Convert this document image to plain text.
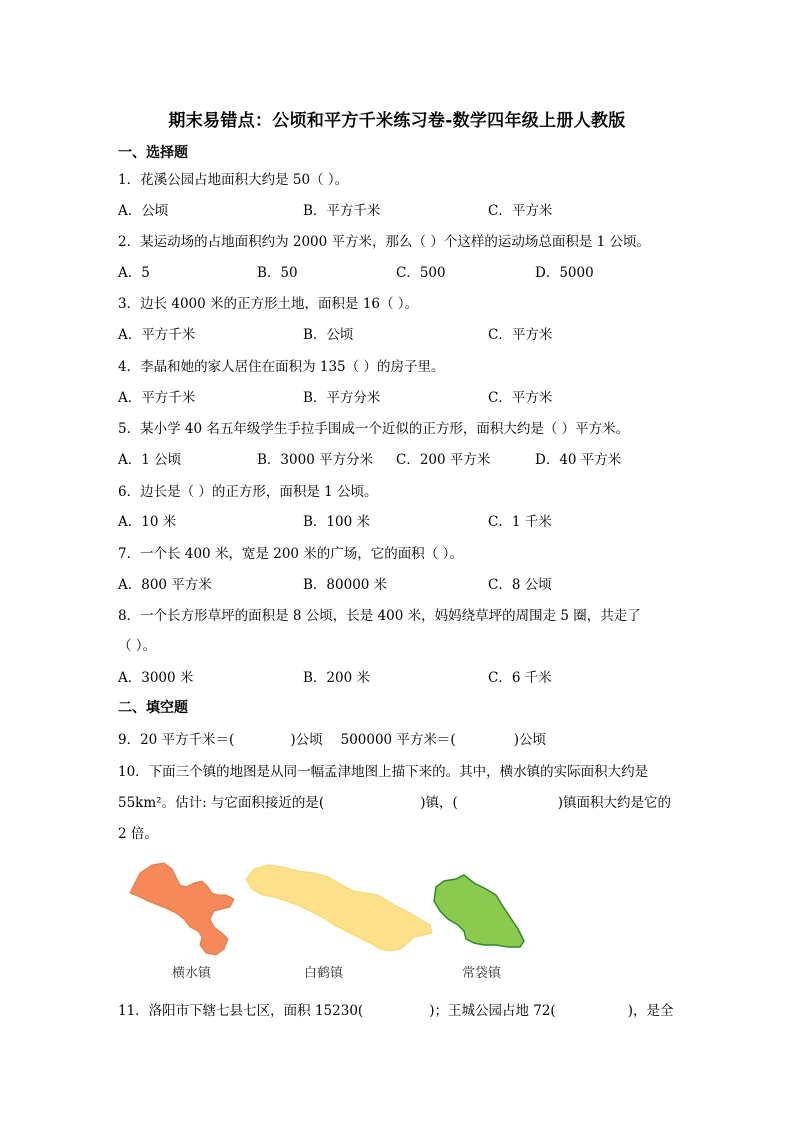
期末易错点：公顷和平方千米练习卷-数学四年级上册人教版
一、选择题
1．花溪公园占地面积大约是 50（ ）。
A．公顷	B．平方千米	C．平方米
2．某运动场的占地面积约为 2000 平方米，那么（ ）个这样的运动场总面积是 1 公顷。
A．5	B．50	C．500	D．5000
3．边长 4000 米的正方形土地，面积是 16（ ）。
A．平方千米	B．公顷	C．平方米
4．李晶和她的家人居住在面积为 135（ ）的房子里。
A．平方千米	B．平方分米	C．平方米
5．某小学 40 名五年级学生手拉手围成一个近似的正方形，面积大约是（ ）平方米。
A．1 公顷	B．3000 平方分米 C．200 平方米	D．40 平方米
6．边长是（ ）的正方形，面积是 1 公顷。
A．10 米	B．100 米	C．1 千米
7．一个长 400 米，宽是 200 米的广场，它的面积（ ）。
A．800 平方米	B．80000 米	C．8 公顷
8．一个长方形草坪的面积是 8 公顷，长是 400 米，妈妈绕草坪的周围走 5 圈，共走了
（ ）。
A．3000 米	B．200 米	C．6 千米
二、填空题
9．20 平方千米＝(	)公顷 500000 平方米＝(	)公顷
10．下面三个镇的地图是从同一幅孟津地图上描下来的。其中，横水镇的实际面积大约是
55km²。估计: 与它面积接近的是(	)镇，(	)镇面积大约是它的
2 倍。
横水镇	白鹤镇	常袋镇
11．洛阳市下辖七县七区，面积 15230(	)；王城公园占地 72(	)，是全
